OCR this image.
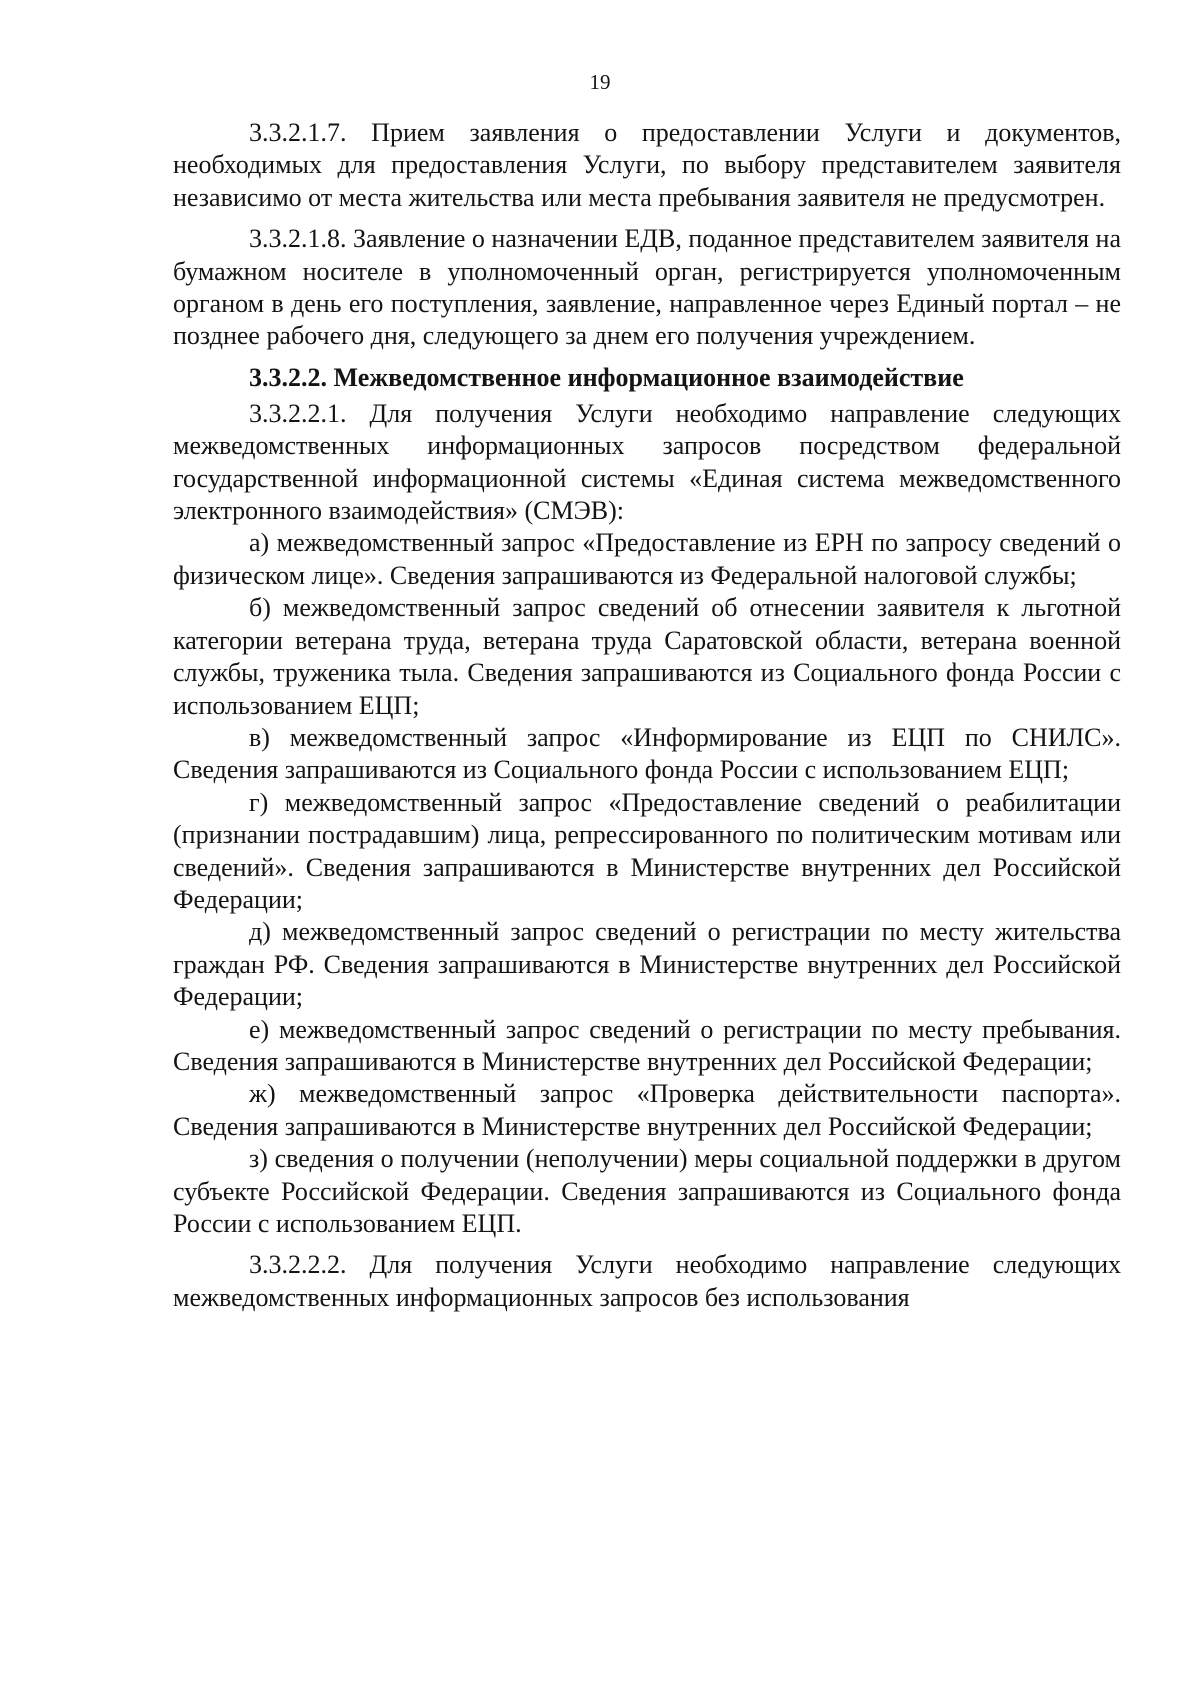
19

3.3.2.1.7. Прием заявления о предоставлении Услуги и документов, необходимых для предоставления Услуги, по выбору представителем заявителя независимо от места жительства или места пребывания заявителя не предусмотрен.

3.3.2.1.8. Заявление о назначении ЕДВ, поданное представителем заявителя на бумажном носителе в уполномоченный орган, регистрируется уполномоченным органом в день его поступления, заявление, направленное через Единый портал – не позднее рабочего дня, следующего за днем его получения учреждением.

3.3.2.2. Межведомственное информационное взаимодействие

3.3.2.2.1. Для получения Услуги необходимо направление следующих межведомственных информационных запросов посредством федеральной государственной информационной системы «Единая система межведомственного электронного взаимодействия» (СМЭВ):

а) межведомственный запрос «Предоставление из ЕРН по запросу сведений о физическом лице». Сведения запрашиваются из Федеральной налоговой службы;

б) межведомственный запрос сведений об отнесении заявителя к льготной категории ветерана труда, ветерана труда Саратовской области, ветерана военной службы, труженика тыла. Сведения запрашиваются из Социального фонда России с использованием ЕЦП;

в) межведомственный запрос «Информирование из ЕЦП по СНИЛС». Сведения запрашиваются из Социального фонда России с использованием ЕЦП;

г) межведомственный запрос «Предоставление сведений о реабилитации (признании пострадавшим) лица, репрессированного по политическим мотивам или сведений». Сведения запрашиваются в Министерстве внутренних дел Российской Федерации;

д) межведомственный запрос сведений о регистрации по месту жительства граждан РФ. Сведения запрашиваются в Министерстве внутренних дел Российской Федерации;

е) межведомственный запрос сведений о регистрации по месту пребывания. Сведения запрашиваются в Министерстве внутренних дел Российской Федерации;

ж) межведомственный запрос «Проверка действительности паспорта». Сведения запрашиваются в Министерстве внутренних дел Российской Федерации;

з) сведения о получении (неполучении) меры социальной поддержки в другом субъекте Российской Федерации. Сведения запрашиваются из Социального фонда России с использованием ЕЦП.

3.3.2.2.2. Для получения Услуги необходимо направление следующих межведомственных информационных запросов без использования
